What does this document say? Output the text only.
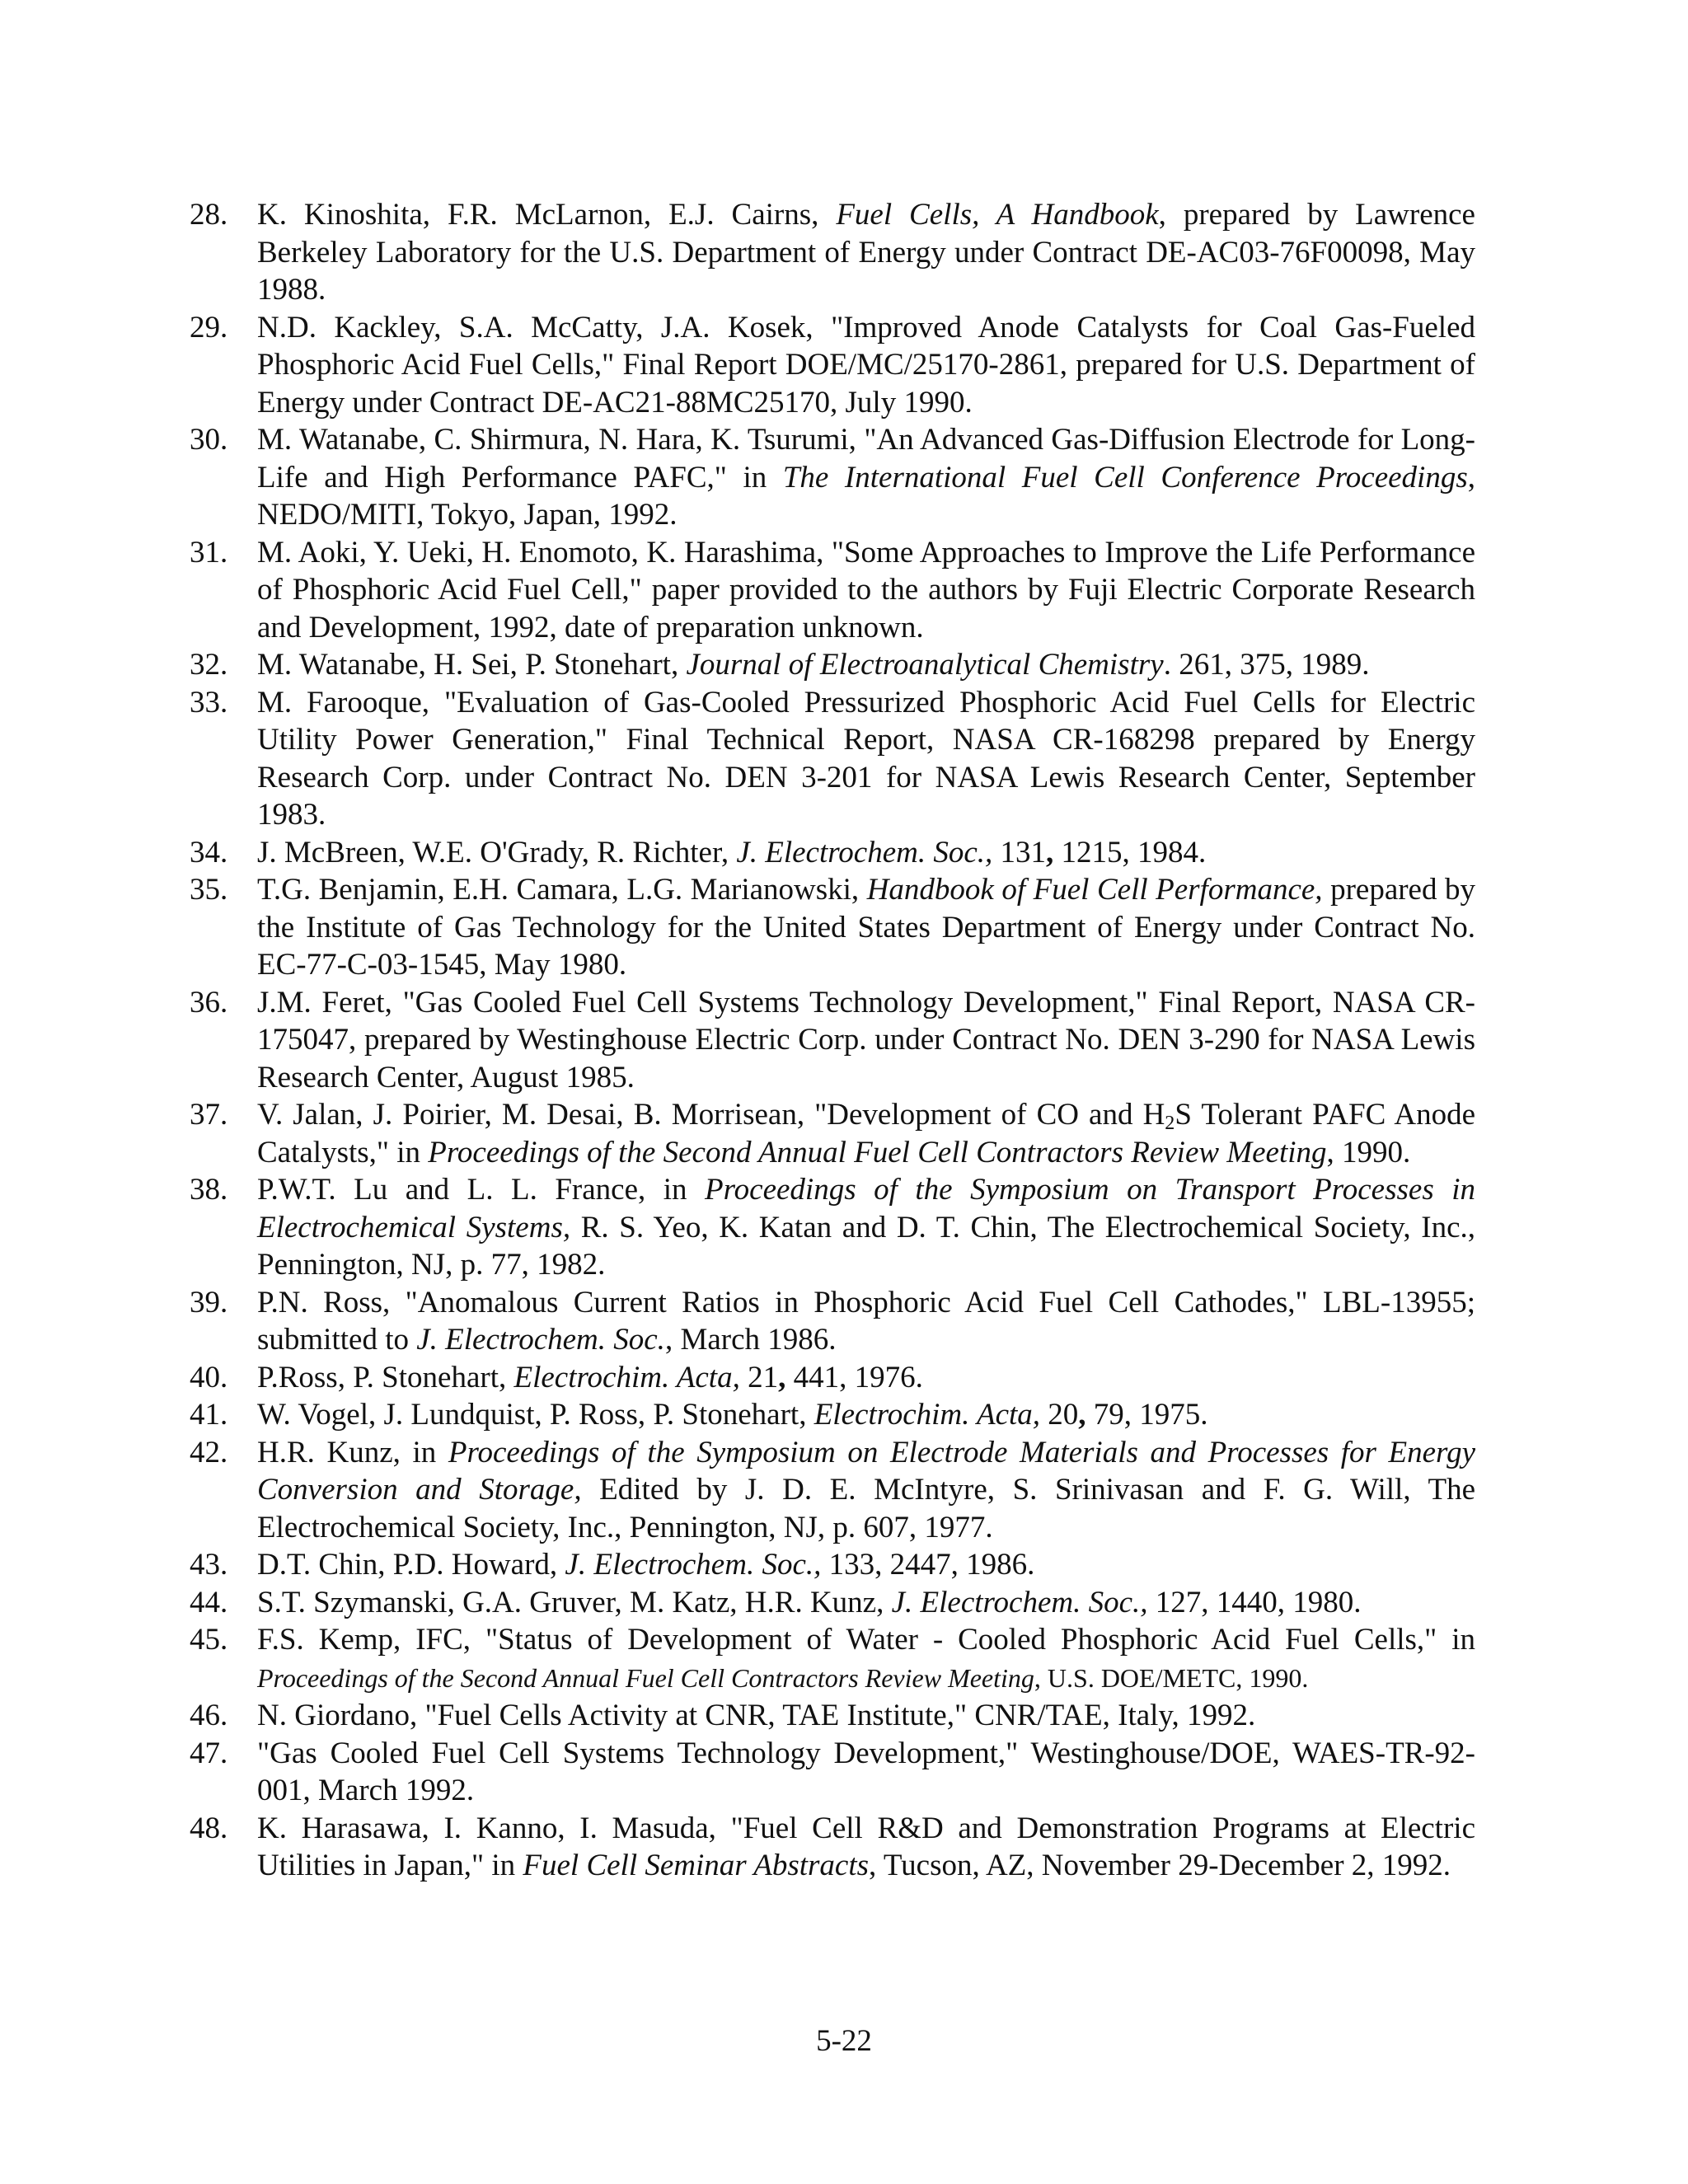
28. K. Kinoshita, F.R. McLarnon, E.J. Cairns, Fuel Cells, A Handbook, prepared by Lawrence Berkeley Laboratory for the U.S. Department of Energy under Contract DE-AC03-76F00098, May 1988.
29. N.D. Kackley, S.A. McCatty, J.A. Kosek, "Improved Anode Catalysts for Coal Gas-Fueled Phosphoric Acid Fuel Cells," Final Report DOE/MC/25170-2861, prepared for U.S. Department of Energy under Contract DE-AC21-88MC25170, July 1990.
30. M. Watanabe, C. Shirmura, N. Hara, K. Tsurumi, "An Advanced Gas-Diffusion Electrode for Long-Life and High Performance PAFC," in The International Fuel Cell Conference Proceedings, NEDO/MITI, Tokyo, Japan, 1992.
31. M. Aoki, Y. Ueki, H. Enomoto, K. Harashima, "Some Approaches to Improve the Life Performance of Phosphoric Acid Fuel Cell," paper provided to the authors by Fuji Electric Corporate Research and Development, 1992, date of preparation unknown.
32. M. Watanabe, H. Sei, P. Stonehart, Journal of Electroanalytical Chemistry. 261, 375, 1989.
33. M. Farooque, "Evaluation of Gas-Cooled Pressurized Phosphoric Acid Fuel Cells for Electric Utility Power Generation," Final Technical Report, NASA CR-168298 prepared by Energy Research Corp. under Contract No. DEN 3-201 for NASA Lewis Research Center, September 1983.
34. J. McBreen, W.E. O'Grady, R. Richter, J. Electrochem. Soc., 131, 1215, 1984.
35. T.G. Benjamin, E.H. Camara, L.G. Marianowski, Handbook of Fuel Cell Performance, prepared by the Institute of Gas Technology for the United States Department of Energy under Contract No. EC-77-C-03-1545, May 1980.
36. J.M. Feret, "Gas Cooled Fuel Cell Systems Technology Development," Final Report, NASA CR-175047, prepared by Westinghouse Electric Corp. under Contract No. DEN 3-290 for NASA Lewis Research Center, August 1985.
37. V. Jalan, J. Poirier, M. Desai, B. Morrisean, "Development of CO and $H_2S$ Tolerant PAFC Anode Catalysts," in Proceedings of the Second Annual Fuel Cell Contractors Review Meeting, 1990.
38. P.W.T. Lu and L. L. France, in Proceedings of the Symposium on Transport Processes in Electrochemical Systems, R. S. Yeo, K. Katan and D. T. Chin, The Electrochemical Society, Inc., Pennington, NJ, p. 77, 1982.
39. P.N. Ross, "Anomalous Current Ratios in Phosphoric Acid Fuel Cell Cathodes," LBL-13955; submitted to J. Electrochem. Soc., March 1986.
40. P.Ross, P. Stonehart, Electrochim. Acta, 21, 441, 1976.
41. W. Vogel, J. Lundquist, P. Ross, P. Stonehart, Electrochim. Acta, 20, 79, 1975.
42. H.R. Kunz, in Proceedings of the Symposium on Electrode Materials and Processes for Energy Conversion and Storage, Edited by J. D. E. McIntyre, S. Srinivasan and F. G. Will, The Electrochemical Society, Inc., Pennington, NJ, p. 607, 1977.
43. D.T. Chin, P.D. Howard, J. Electrochem. Soc., 133, 2447, 1986.
44. S.T. Szymanski, G.A. Gruver, M. Katz, H.R. Kunz, J. Electrochem. Soc., 127, 1440, 1980.
45. F.S. Kemp, IFC, "Status of Development of Water - Cooled Phosphoric Acid Fuel Cells," in Proceedings of the Second Annual Fuel Cell Contractors Review Meeting, U.S. DOE/METC, 1990.
46. N. Giordano, "Fuel Cells Activity at CNR, TAE Institute," CNR/TAE, Italy, 1992.
47. "Gas Cooled Fuel Cell Systems Technology Development," Westinghouse/DOE, WAES-TR-92-001, March 1992.
48. K. Harasawa, I. Kanno, I. Masuda, "Fuel Cell R&D and Demonstration Programs at Electric Utilities in Japan," in Fuel Cell Seminar Abstracts, Tucson, AZ, November 29-December 2, 1992.
5-22
